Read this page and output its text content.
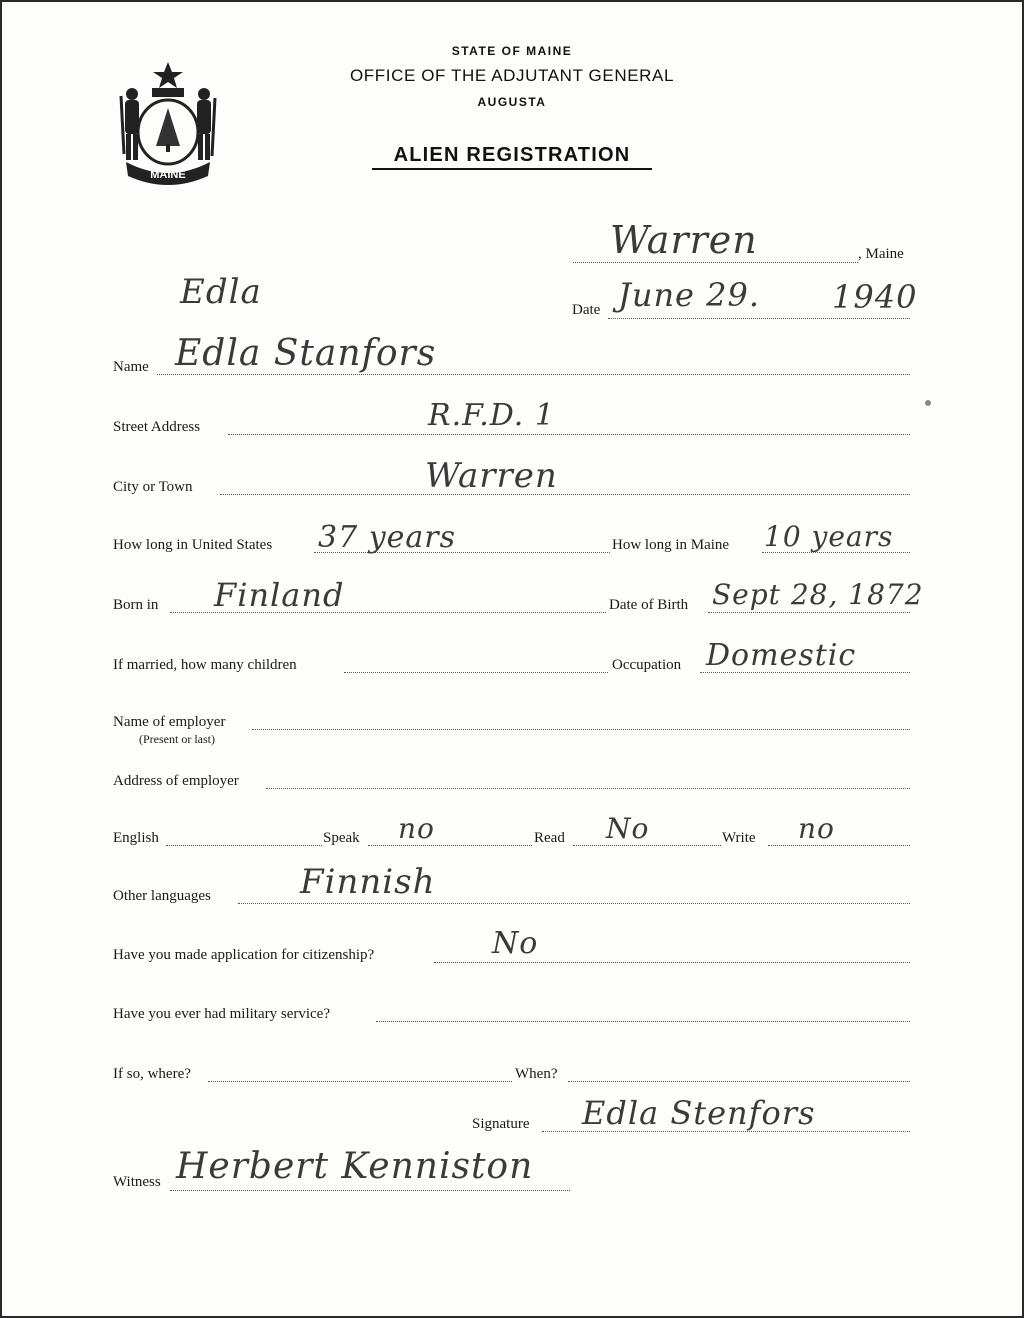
MAINE
STATE OF MAINE
OFFICE OF THE ADJUTANT GENERAL
AUGUSTA
ALIEN REGISTRATION
Warren	, Maine
Edla	Date June 29. 1940
Name Edla Stanfors
Street Address	R.F.D. 1
City or Town	Warren
How long in United States 37 years	How long in Maine 10 years
Born in Finland	Date of Birth Sept 28, 1872
If married, how many children	Occupation Domestic
Name of employer
(Present or last)
Address of employer
English	Speak no	Read No	Write no
Other languages	Finnish
Have you made application for citizenship?	No
Have you ever had military service?
If so, where?	When?
Signature Edla Stenfors
Witness Herbert Kenniston
